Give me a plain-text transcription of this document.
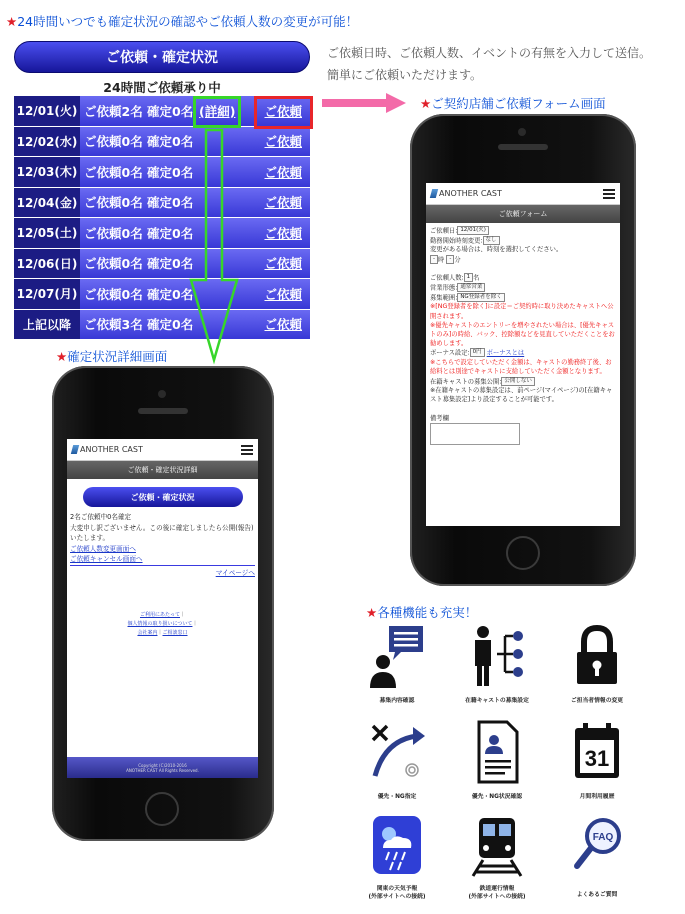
★24時間いつでも確定状況の確認やご依頼人数の変更が可能！
ご依頼・確定状況
24時間ご依頼承り中
12/01(火) ご依頼2名 確定0名 (詳細) ご依頼
12/02(水) ご依頼0名 確定0名	ご依頼
12/03(木) ご依頼0名 確定0名	ご依頼
12/04(金) ご依頼0名 確定0名	ご依頼
12/05(土) ご依頼0名 確定0名	ご依頼
12/06(日) ご依頼0名 確定0名	ご依頼
12/07(月) ご依頼0名 確定0名	ご依頼
上記以降	ご依頼3名 確定0名	ご依頼
ご依頼日時、ご依頼人数、イベントの有無を入力して送信。
簡単にご依頼いただけます。
★ご契約店舗ご依頼フォーム画面
★確定状況詳細画面
★各種機能も充実！
ANOTHER CAST
ご依頼フォーム
ご依頼日: 12/01(火)
勤務開始時刻変更: なし
変更がある場合は、時刻を選択してください。
- 時 - 分
ご依頼人数: 1 名
営業形態: 通常営業
募集範囲: NG登録者を除く
※[NG登録者を除く]に設定＝ご契約時に取り決めたキャストへ公開されます。
※優先キャストのエントリーを増やされたい場合は、[優先キャストのみ]の時給、バック、控除額などを見直していただくことをお勧めします。
ボーナス設定: 0円 ボーナスとは
※こちらで設定していただく金額は、キャストの勤務終了後、お給料とは別途でキャストに支給していただく金額となります。
在籍キャストの募集公開: 公開しない
※在籍キャストの募集設定は、前ページ(マイページ)の[在籍キャスト募集設定]より設定することが可能です。
備考欄
ANOTHER CAST
ご依頼・確定状況詳細
ご依頼・確定状況
2名ご依頼中0名確定
大変申し訳ございません。この後に確定しましたら公開(報告)いたします。
ご依頼人数変更画面へ
ご依頼キャンセル画面へ
マイページへ
ご利用にあたって｜
個人情報の取り扱いについて｜
会社案内｜ご相談窓口
Copyright (C)2010-2016
ANOTHER CAST All Rights Reserved.
募集内容確認	在籍キャストの募集設定	ご担当者情報の変更
優先・NG指定	優先・NG状況確認
31
月間利用履歴
関東の天気予報
(外部サイトへの接続)
鉄道運行情報
(外部サイトへの接続)
FAQ
よくあるご質問
